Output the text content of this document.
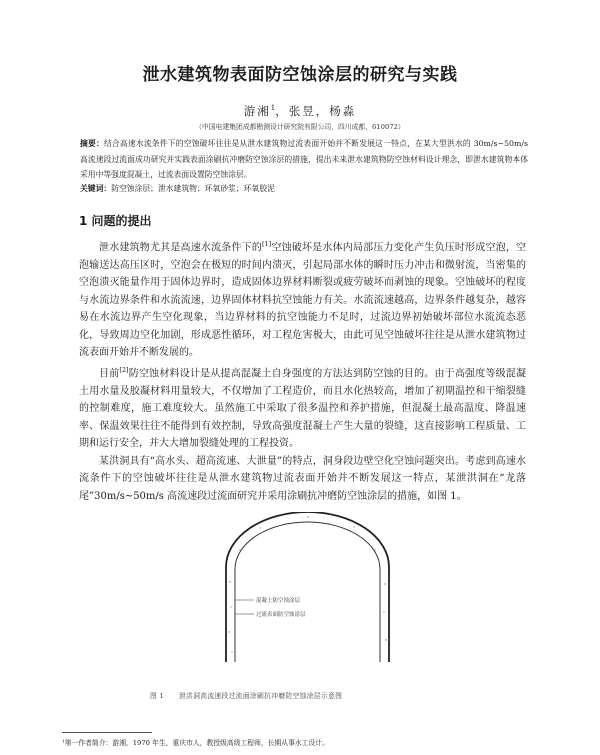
泄水建筑物表面防空蚀涂层的研究与实践
游湘$^1$，张昱，杨淼
（中国电建集团成都勘测设计研究院有限公司，四川成都，610072）
摘要：结合高速水流条件下的空蚀破坏往往是从泄水建筑物过流表面开始并不断发展这一特点，在某大型洪水的 30m/s~50m/s 高流速段过流面成功研究并实践表面涂刷抗冲磨防空蚀涂层的措施，提出未来泄水建筑物防空蚀材料设计理念，即泄水建筑物本体采用中等强度混凝土，过流表面设置防空蚀涂层。
关键词：防空蚀涂层；泄水建筑物；环氧砂浆；环氧胶泥
1 问题的提出

泄水建筑物尤其是高速水流条件下的[1]空蚀破坏是水体内局部压力变化产生负压时形成空泡，空泡输送达高压区时，空泡会在极短的时间内溃灭，引起局部水体的瞬时压力冲击和微射流，当密集的空泡溃灭能量作用于固体边界时，造成固体边界材料断裂或疲劳破坏而剥蚀的现象。空蚀破坏的程度与水流边界条件和水流流速，边界固体材料抗空蚀能力有关。水流流速越高，边界条件越复杂，越容易在水流边界产生空化现象，当边界材料的抗空蚀能力不足时，过流边界初始破坏部位水流流态恶化，导致周边空化加剧，形成恶性循环，对工程危害极大，由此可见空蚀破坏往往是从泄水建筑物过流表面开始并不断发展的。

目前[2]防空蚀材料设计是从提高混凝土自身强度的方法达到防空蚀的目的。由于高强度等级混凝土用水量及胶凝材料用量较大，不仅增加了工程造价，而且水化热较高，增加了初期温控和干缩裂缝的控制难度，施工难度较大。虽然施工中采取了很多温控和养护措施，但混凝土最高温度、降温速率、保温效果往往不能得到有效控制，导致高强度混凝土产生大量的裂缝，这直接影响工程质量、工期和运行安全，并大大增加裂缝处理的工程投资。

某洪洞具有“高水头、超高流速、大泄量”的特点，洞身段边壁空化空蚀问题突出。考虑到高速水流条件下的空蚀破坏往往是从泄水建筑物过流表面开始并不断发展这一特点，某泄洪洞在“龙落尾”30m/s~50m/s 高流速段过流面研究并采用涂刷抗冲磨防空蚀涂层的措施，如图 1。

混凝土防空蚀涂层
过流表面防空蚀涂层
图 1 泄洪洞高流速段过流面涂刷抗冲磨防空蚀涂层示意图
¹第一作者简介：游湘，1970 年生，重庆市人，教授级高级工程师，长期从事水工设计。
